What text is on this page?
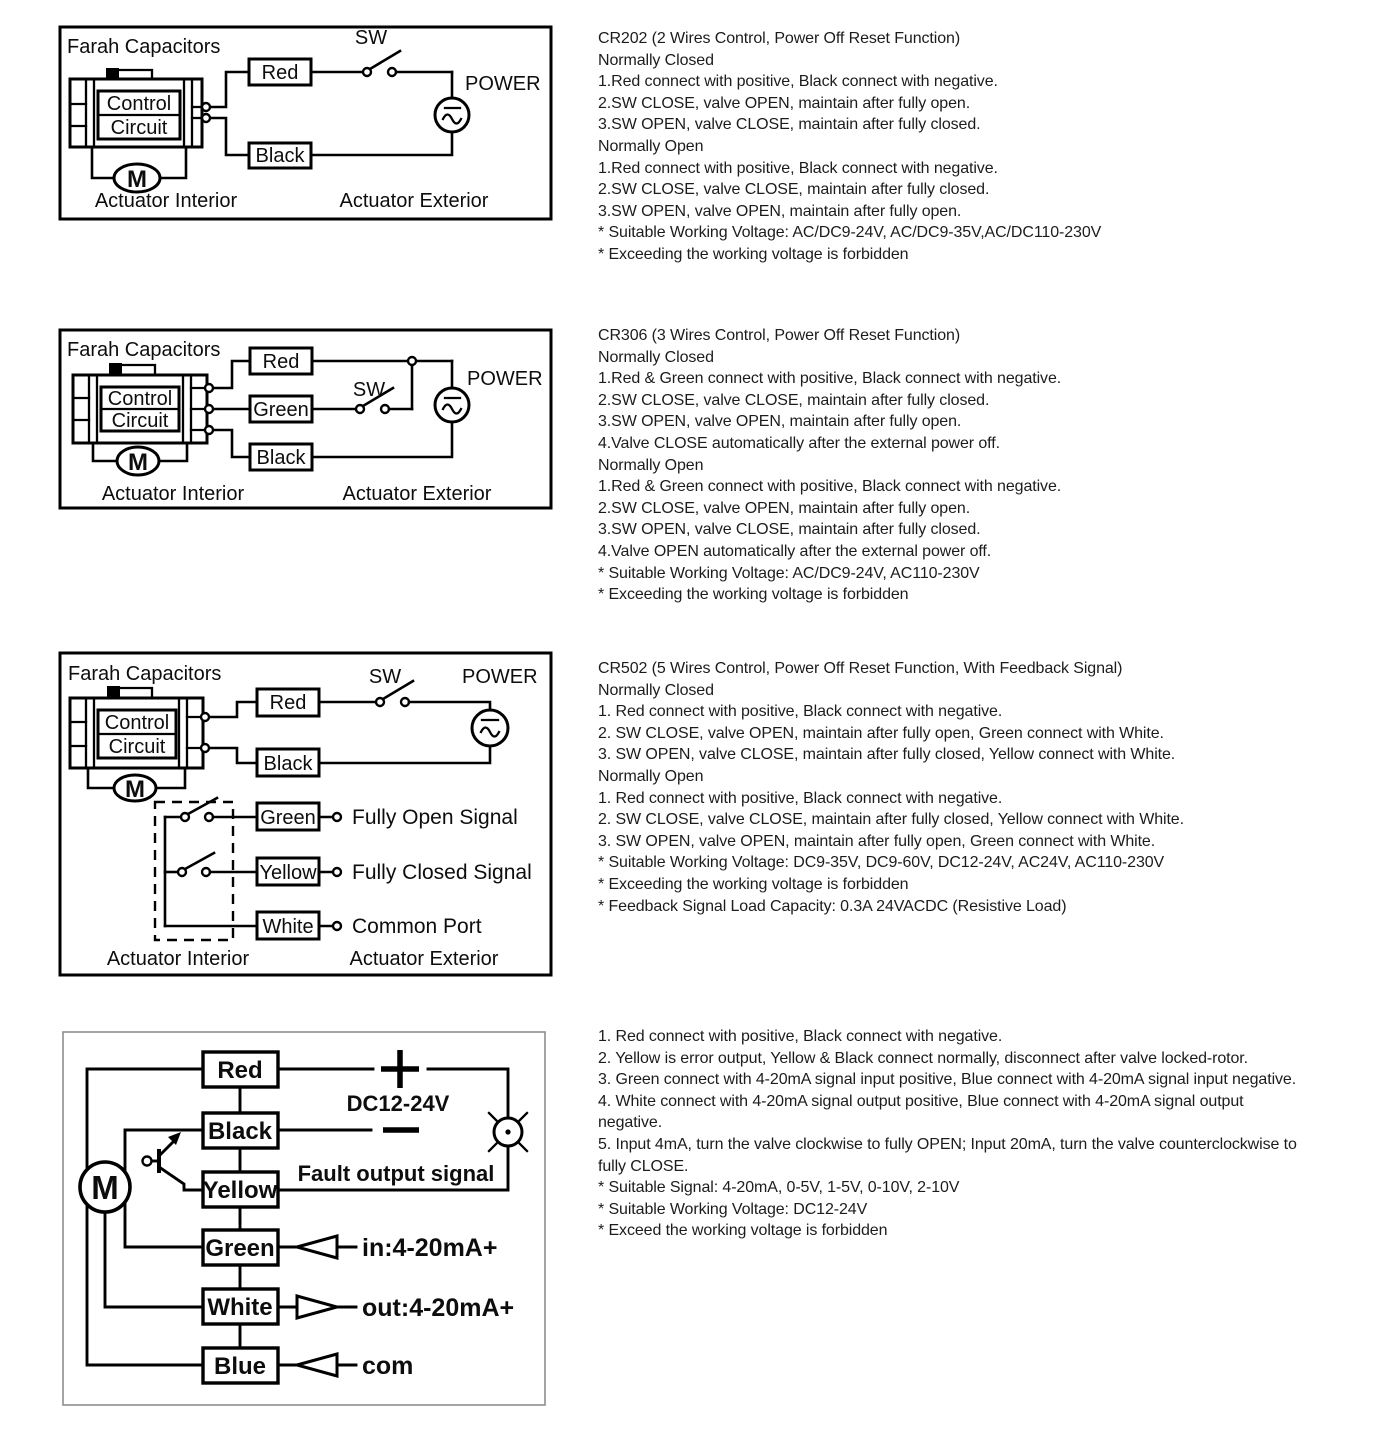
Farah Capacitors
Control
Circuit
M
SW
POWER
Red
Black
Actuator Interior	Actuator Exterior
Farah Capacitors
Control
Circuit
M
SW	POWER
Red
Green
Black
Actuator Interior	Actuator Exterior
Farah Capacitors
Control
Circuit
M
SW	POWER
Fully Open Signal
Fully Closed Signal
Common Port
Red
Black
Green
Yellow
White
Actuator Interior	Actuator Exterior
M
DC12-24V
Fault output signal
in:4-20mA+
out:4-20mA+
com
Red
Black
Yellow
Green
White
Blue
CR202 (2 Wires Control, Power Off Reset Function)
Normally Closed
1.Red connect with positive, Black connect with negative.
2.SW CLOSE, valve OPEN, maintain after fully open.
3.SW OPEN, valve CLOSE, maintain after fully closed.
Normally Open
1.Red connect with positive, Black connect with negative.
2.SW CLOSE, valve CLOSE, maintain after fully closed.
3.SW OPEN, valve OPEN, maintain after fully open.
* Suitable Working Voltage: AC/DC9-24V, AC/DC9-35V,AC/DC110-230V
* Exceeding the working voltage is forbidden
CR306 (3 Wires Control, Power Off Reset Function)
Normally Closed
1.Red & Green connect with positive, Black connect with negative.
2.SW CLOSE, valve CLOSE, maintain after fully closed.
3.SW OPEN, valve OPEN, maintain after fully open.
4.Valve CLOSE automatically after the external power off.
Normally Open
1.Red & Green connect with positive, Black connect with negative.
2.SW CLOSE, valve OPEN, maintain after fully open.
3.SW OPEN, valve CLOSE, maintain after fully closed.
4.Valve OPEN automatically after the external power off.
* Suitable Working Voltage: AC/DC9-24V, AC110-230V
* Exceeding the working voltage is forbidden
CR502 (5 Wires Control, Power Off Reset Function, With Feedback Signal)
Normally Closed
1. Red connect with positive, Black connect with negative.
2. SW CLOSE, valve OPEN, maintain after fully open, Green connect with White.
3. SW OPEN, valve CLOSE, maintain after fully closed, Yellow connect with White.
Normally Open
1. Red connect with positive, Black connect with negative.
2. SW CLOSE, valve CLOSE, maintain after fully closed, Yellow connect with White.
3. SW OPEN, valve OPEN, maintain after fully open, Green connect with White.
* Suitable Working Voltage: DC9-35V, DC9-60V, DC12-24V, AC24V, AC110-230V
* Exceeding the working voltage is forbidden
* Feedback Signal Load Capacity: 0.3A 24VACDC (Resistive Load)
1. Red connect with positive, Black connect with negative.
2. Yellow is error output, Yellow & Black connect normally, disconnect after valve locked-rotor.
3. Green connect with 4-20mA signal input positive, Blue connect with 4-20mA signal input negative.
4. White connect with 4-20mA signal output positive, Blue connect with 4-20mA signal output
negative.
5. Input 4mA, turn the valve clockwise to fully OPEN; Input 20mA, turn the valve counterclockwise to
fully CLOSE.
* Suitable Signal: 4-20mA, 0-5V, 1-5V, 0-10V, 2-10V
* Suitable Working Voltage: DC12-24V
* Exceed the working voltage is forbidden
